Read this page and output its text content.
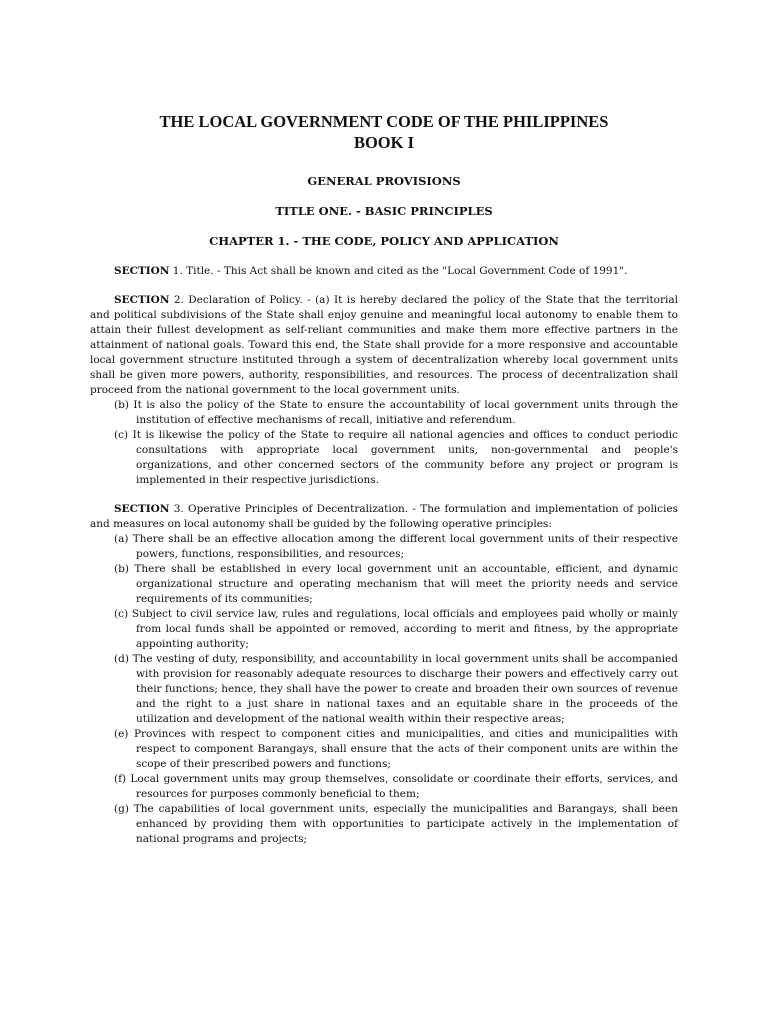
THE LOCAL GOVERNMENT CODE OF THE PHILIPPINES
BOOK I
GENERAL PROVISIONS
TITLE ONE. - BASIC PRINCIPLES
CHAPTER 1. - THE CODE, POLICY AND APPLICATION

SECTION 1. Title. - This Act shall be known and cited as the "Local Government Code of 1991".

SECTION 2. Declaration of Policy. - (a) It is hereby declared the policy of the State that the territorial and political subdivisions of the State shall enjoy genuine and meaningful local autonomy to enable them to attain their fullest development as self-reliant communities and make them more effective partners in the attainment of national goals. Toward this end, the State shall provide for a more responsive and accountable local government structure instituted through a system of decentralization whereby local government units shall be given more powers, authority, responsibilities, and resources. The process of decentralization shall proceed from the national government to the local government units.

(b) It is also the policy of the State to ensure the accountability of local government units through the institution of effective mechanisms of recall, initiative and referendum.

(c) It is likewise the policy of the State to require all national agencies and offices to conduct periodic consultations with appropriate local government units, non-governmental and people's organizations, and other concerned sectors of the community before any project or program is implemented in their respective jurisdictions.

SECTION 3. Operative Principles of Decentralization. - The formulation and implementation of policies and measures on local autonomy shall be guided by the following operative principles:

(a) There shall be an effective allocation among the different local government units of their respective powers, functions, responsibilities, and resources;

(b) There shall be established in every local government unit an accountable, efficient, and dynamic organizational structure and operating mechanism that will meet the priority needs and service requirements of its communities;

(c) Subject to civil service law, rules and regulations, local officials and employees paid wholly or mainly from local funds shall be appointed or removed, according to merit and fitness, by the appropriate appointing authority;

(d) The vesting of duty, responsibility, and accountability in local government units shall be accompanied with provision for reasonably adequate resources to discharge their powers and effectively carry out their functions; hence, they shall have the power to create and broaden their own sources of revenue and the right to a just share in national taxes and an equitable share in the proceeds of the utilization and development of the national wealth within their respective areas;

(e) Provinces with respect to component cities and municipalities, and cities and municipalities with respect to component Barangays, shall ensure that the acts of their component units are within the scope of their prescribed powers and functions;

(f) Local government units may group themselves, consolidate or coordinate their efforts, services, and resources for purposes commonly beneficial to them;

(g) The capabilities of local government units, especially the municipalities and Barangays, shall been enhanced by providing them with opportunities to participate actively in the implementation of national programs and projects;
